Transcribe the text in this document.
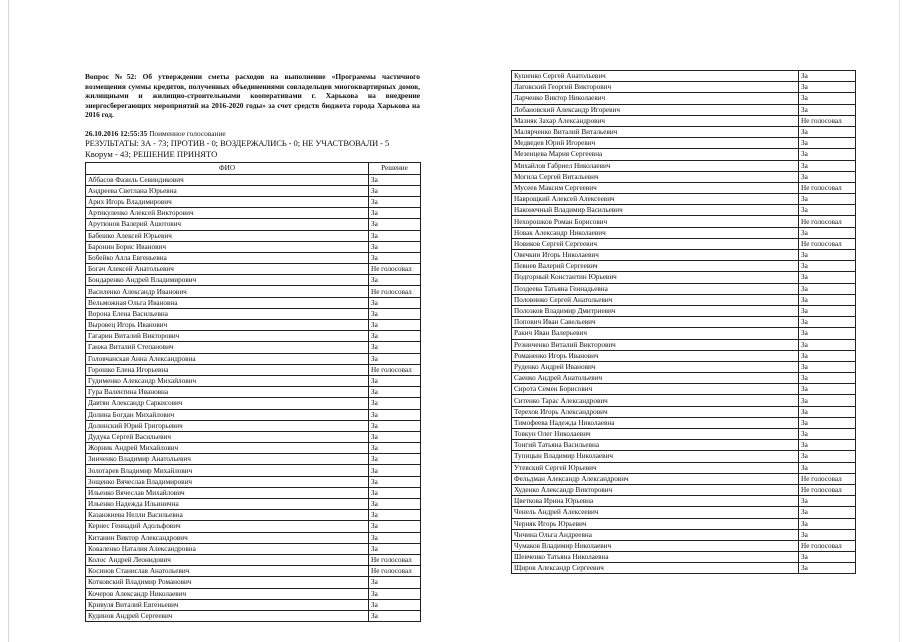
Вопрос №52: Об утверждении сметы расходов на выполнение «Программы частичного возмещения суммы кредитов, полученных объединениями совладельцев многоквартирных домов, жилищными и жилищно-строительными кооперативами г. Харькова на внедрение энергосберегающих мероприятий на 2016-2020 годы» за счет средств бюджета города Харькова на 2016 год.

26.10.2016 12:55:35 Поименное голосование
РЕЗУЛЬТАТЫ: ЗА - 73; ПРОТИВ - 0; ВОЗДЕРЖАЛИСЬ - 0; НЕ УЧАСТВОВАЛИ - 5
Кворум - 43; РЕШЕНИЕ ПРИНЯТО
ФИО	Решение
Аббасов Фазиль Севиндикович	За
Андреева Светлана Юрьевна	За
Арих Игорь Владимирович	За
Артикуленко Алексей Викторович	За
Арутюнов Валерий Ашотович	За
Бабешко Алексей Юрьевич	За
Баронин Борис Иванович	За
Бобейко Алла Евгеньевна	За
Богач Алексей Анатольевич	Не голосовал
Бондаренко Андрей Владимирович	За
Василенко Александр Иванович	Не голосовал
Вельможная Ольга Ивановна	За
Ворона Елена Васильевна	За
Выровец Игорь Иванович	За
Гагарин Виталий Викторович	За
Ганжа Виталий Степанович	За
Головчанская Анна Александровна	За
Горошко Елена Игорьевна	Не голосовал
Гудименко Александр Михайлович	За
Гура Валентина Ивановна	За
Давтян Александр Саркисович	За
Долина Богдан Михайлович	За
Долинский Юрий Григорьевич	За
Дудука Сергей Васильевич	За
Жорник Андрей Михайлович	За
Зинченко Владимир Анатольевич	За
Золотарев Владимир Михайлович	За
Зощенко Вячеслав Владимирович	За
Ильенко Вячеслав Михайлович	За
Ильенко Надежда Ильинична	За
Казанжиева Нелли Васильевна	За
Кернес Геннадий Адольфович	За
Китанин Виктор Александрович	За
Коваленко Наталия Александровна	За
Колос Андрей Леонидович	Не голосовал
Косинов Станислав Анатольевич	Не голосовал
Котковский Владимир Романович	За
Кочеров Александр Николаевич	За
Кривуля Виталий Евгеньевич	За
Кудинов Андрей Сергеевич	За
Кушенко Сергей Анатольевич	За
Лаговский Георгий Викторович	За
Ларченко Виктор Николаевич	За
Лобановский Александр Игоревич	За
Мазняк Захар Александрович	Не голосовал
Малярченко Виталий Витальевич	За
Медведев Юрий Игоревич	За
Мезенцева Мария Сергеевна	За
Михайлов Габриел Николаевич	За
Могила Сергей Витальевич	За
Мусеев Максим Сергеевич	Не голосовал
Наврощкий Алексей Алексеевич	За
Наконечный Владимир Васильевич	За
Нехорошков Роман Борисович	Не голосовал
Новак Александр Николаевич	За
Новиков Сергей Сергеевич	Не голосовал
Овечкин Игорь Николаевич	За
Певнев Валерий Сергеевич	За
Подгорный Константин Юрьевич	За
Поздеева Татьяна Геннадьевна	За
Половинко Сергей Анатольевич	За
Полозков Владимир Дмитриевич	За
Попович Иван Савельевич	За
Ракич Иван Валерьевич	За
Резниченко Виталий Викторович	За
Романенко Игорь Иванович	За
Руденко Андрей Иванович	За
Саенко Андрей Анатольевич	За
Сирота Семен Борисович	За
Ситенко Тарас Александрович	За
Терехов Игорь Александрович	За
Тимофеева Надежда Николаевна	За
Товкун Олег Николаевич	За
Тонгий Татьяна Васильевна	За
Тупицын Владимир Николаевич	За
Утевский Сергей Юрьевич	За
Фельдман Александр Александрович	Не голосовал
Худенко Александр Викторович	Не голосовал
Цветкова Ирина Юрьевна	За
Ченель Андрей Алексеевич	За
Черняк Игорь Юрьевич	За
Чичина Ольга Андреевна	За
Чумаков Владимир Николаевич	Не голосовал
Шевченко Татьяна Николаевна	За
Щиров Александр Сергеевич	За
